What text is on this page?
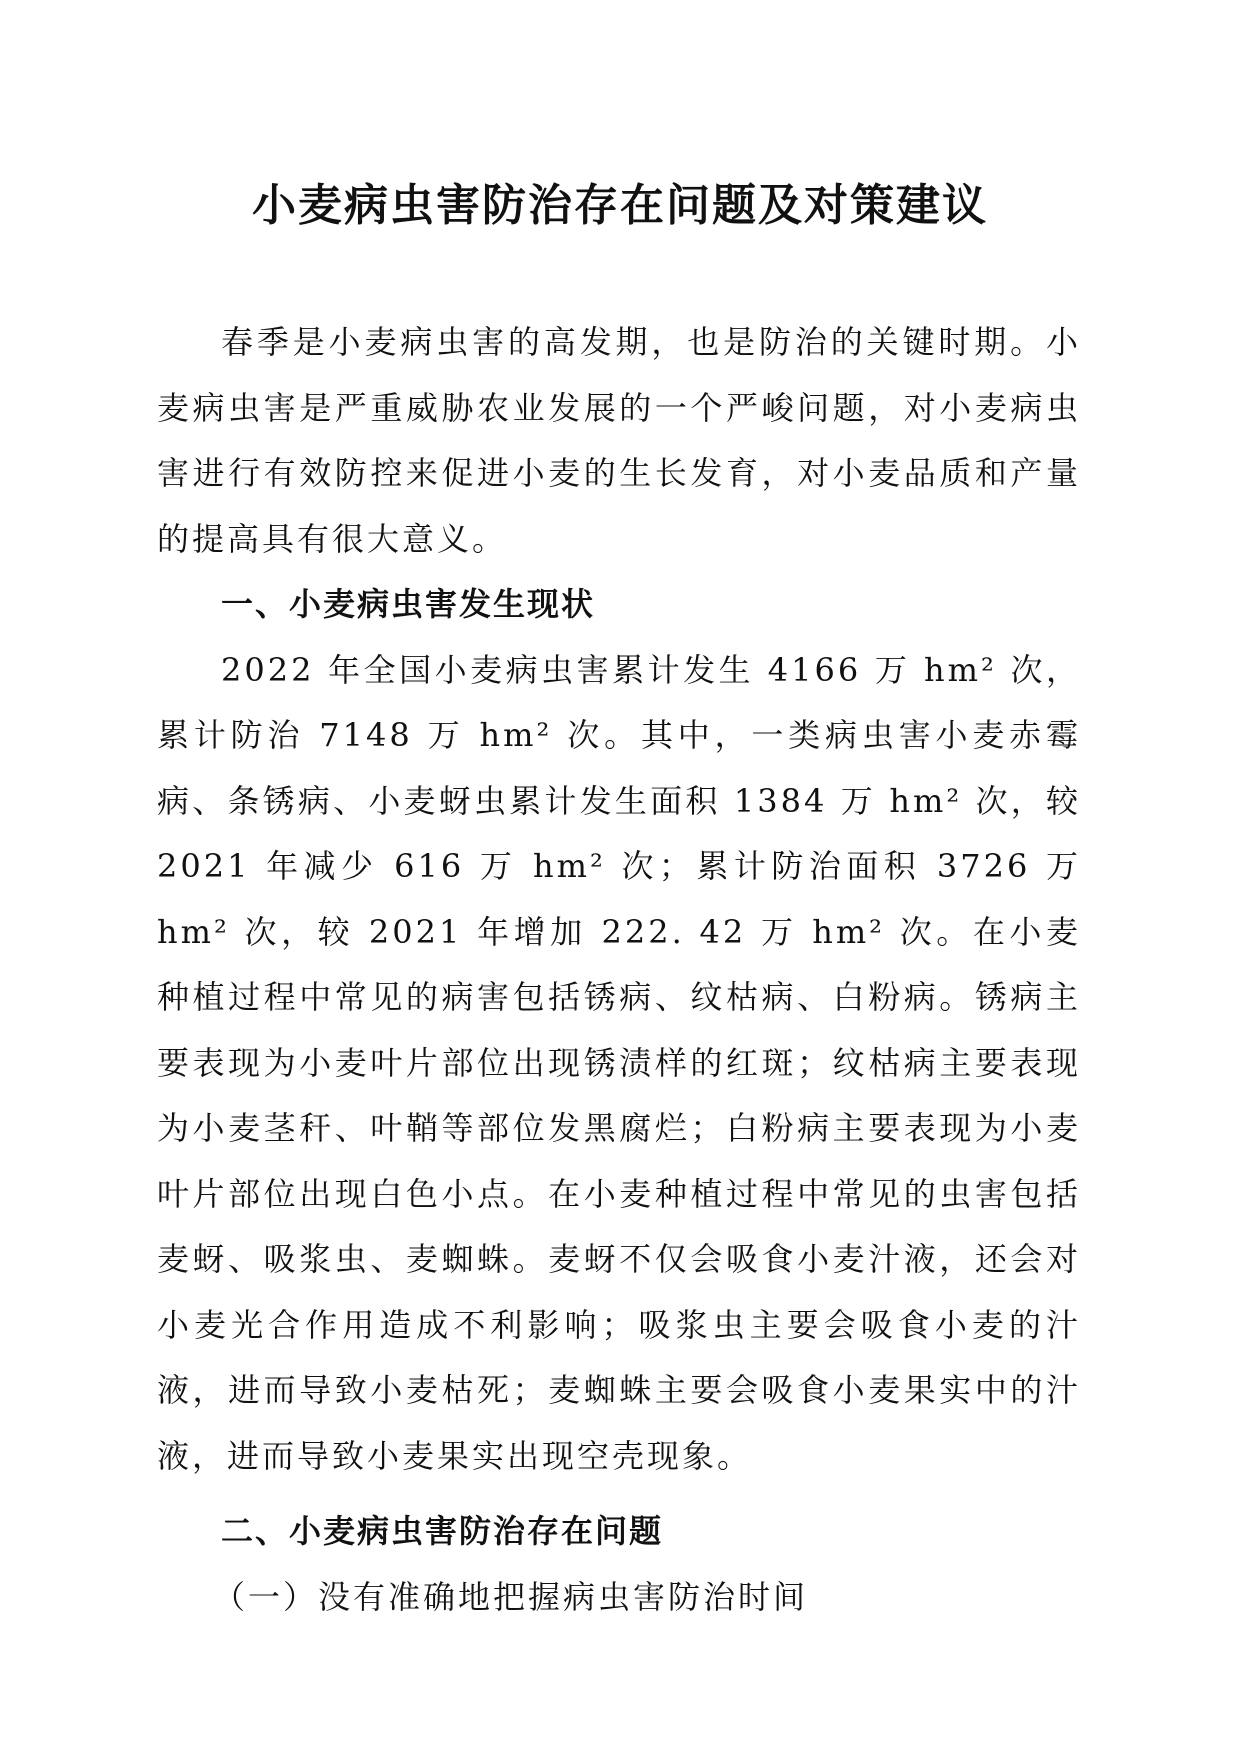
小麦病虫害防治存在问题及对策建议

春季是小麦病虫害的高发期，也是防治的关键时期。小麦病虫害是严重威胁农业发展的一个严峻问题，对小麦病虫害进行有效防控来促进小麦的生长发育，对小麦品质和产量的提高具有很大意义。

一、小麦病虫害发生现状

2022 年全国小麦病虫害累计发生 4166 万 hm² 次，累计防治 7148 万 hm² 次。其中，一类病虫害小麦赤霉病、条锈病、小麦蚜虫累计发生面积 1384 万 hm² 次，较 2021 年减少 616 万 hm² 次；累计防治面积 3726 万 hm² 次，较 2021 年增加 222. 42 万 hm² 次。在小麦种植过程中常见的病害包括锈病、纹枯病、白粉病。锈病主要表现为小麦叶片部位出现锈渍样的红斑；纹枯病主要表现为小麦茎秆、叶鞘等部位发黑腐烂；白粉病主要表现为小麦叶片部位出现白色小点。在小麦种植过程中常见的虫害包括麦蚜、吸浆虫、麦蜘蛛。麦蚜不仅会吸食小麦汁液，还会对小麦光合作用造成不利影响；吸浆虫主要会吸食小麦的汁液，进而导致小麦枯死；麦蜘蛛主要会吸食小麦果实中的汁液，进而导致小麦果实出现空壳现象。

二、小麦病虫害防治存在问题
（一）没有准确地把握病虫害防治时间
